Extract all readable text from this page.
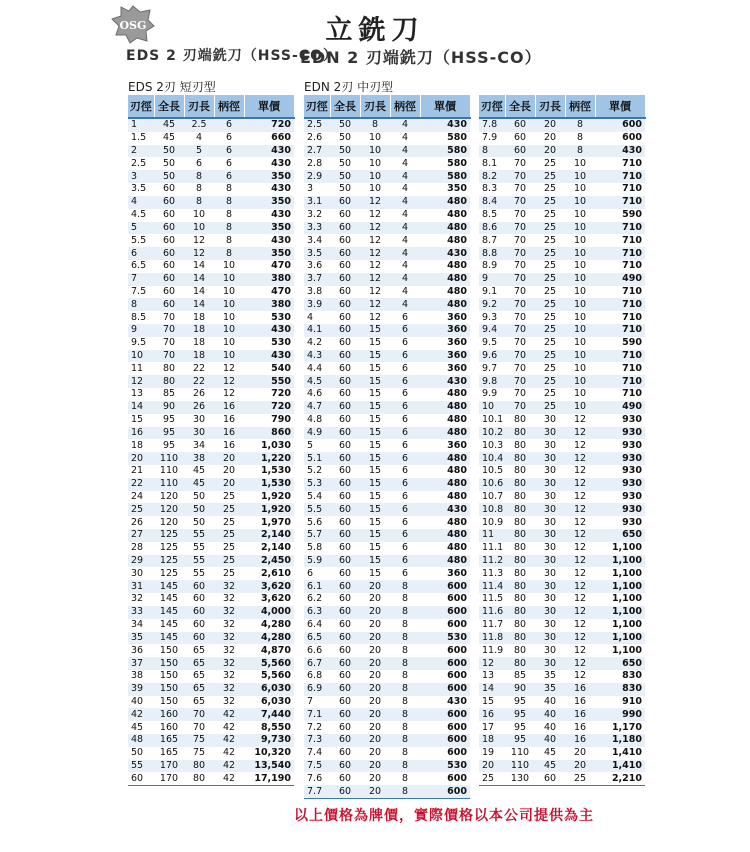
OSG	立銑刀
EDS 2 刃端銑刀（HSS-CO）
EDN 2 刃端銑刀（HSS-CO）
EDS 2刃 短刃型	EDN 2刃 中刃型
刃徑	全長	刃長	柄徑	單價
1	45	2.5	6	720
1.5	45	4	6	660
2	50	5	6	430
2.5	50	6	6	430
3	50	8	6	350
3.5	60	8	8	430
4	60	8	8	350
4.5	60	10	8	430
5	60	10	8	350
5.5	60	12	8	430
6	60	12	8	350
6.5	60	14	10	470
7	60	14	10	380
7.5	60	14	10	470
8	60	14	10	380
8.5	70	18	10	530
9	70	18	10	430
9.5	70	18	10	530
10	70	18	10	430
11	80	22	12	540
12	80	22	12	550
13	85	26	12	720
14	90	26	16	720
15	95	30	16	790
16	95	30	16	860
18	95	34	16	1,030
20	110	38	20	1,220
21	110	45	20	1,530
22	110	45	20	1,530
24	120	50	25	1,920
25	120	50	25	1,920
26	120	50	25	1,970
27	125	55	25	2,140
28	125	55	25	2,140
29	125	55	25	2,450
30	125	55	25	2,610
31	145	60	32	3,620
32	145	60	32	3,620
33	145	60	32	4,000
34	145	60	32	4,280
35	145	60	32	4,280
36	150	65	32	4,870
37	150	65	32	5,560
38	150	65	32	5,560
39	150	65	32	6,030
40	150	65	32	6,030
42	160	70	42	7,440
45	160	70	42	8,550
48	165	75	42	9,730
50	165	75	42	10,320
55	170	80	42	13,540
60	170	80	42	17,190
刃徑	全長	刃長	柄徑	單價
2.5	50	8	4	430
2.6	50	10	4	580
2.7	50	10	4	580
2.8	50	10	4	580
2.9	50	10	4	580
3	50	10	4	350
3.1	60	12	4	480
3.2	60	12	4	480
3.3	60	12	4	480
3.4	60	12	4	480
3.5	60	12	4	430
3.6	60	12	4	480
3.7	60	12	4	480
3.8	60	12	4	480
3.9	60	12	4	480
4	60	12	6	360
4.1	60	15	6	360
4.2	60	15	6	360
4.3	60	15	6	360
4.4	60	15	6	360
4.5	60	15	6	430
4.6	60	15	6	480
4.7	60	15	6	480
4.8	60	15	6	480
4.9	60	15	6	480
5	60	15	6	360
5.1	60	15	6	480
5.2	60	15	6	480
5.3	60	15	6	480
5.4	60	15	6	480
5.5	60	15	6	430
5.6	60	15	6	480
5.7	60	15	6	480
5.8	60	15	6	480
5.9	60	15	6	480
6	60	15	6	360
6.1	60	20	8	600
6.2	60	20	8	600
6.3	60	20	8	600
6.4	60	20	8	600
6.5	60	20	8	530
6.6	60	20	8	600
6.7	60	20	8	600
6.8	60	20	8	600
6.9	60	20	8	600
7	60	20	8	430
7.1	60	20	8	600
7.2	60	20	8	600
7.3	60	20	8	600
7.4	60	20	8	600
7.5	60	20	8	530
7.6	60	20	8	600
7.7	60	20	8	600
刃徑	全長	刃長	柄徑	單價
7.8	60	20	8	600
7.9	60	20	8	600
8	60	20	8	430
8.1	70	25	10	710
8.2	70	25	10	710
8.3	70	25	10	710
8.4	70	25	10	710
8.5	70	25	10	590
8.6	70	25	10	710
8.7	70	25	10	710
8.8	70	25	10	710
8.9	70	25	10	710
9	70	25	10	490
9.1	70	25	10	710
9.2	70	25	10	710
9.3	70	25	10	710
9.4	70	25	10	710
9.5	70	25	10	590
9.6	70	25	10	710
9.7	70	25	10	710
9.8	70	25	10	710
9.9	70	25	10	710
10	70	25	10	490
10.1	80	30	12	930
10.2	80	30	12	930
10.3	80	30	12	930
10.4	80	30	12	930
10.5	80	30	12	930
10.6	80	30	12	930
10.7	80	30	12	930
10.8	80	30	12	930
10.9	80	30	12	930
11	80	30	12	650
11.1	80	30	12	1,100
11.2	80	30	12	1,100
11.3	80	30	12	1,100
11.4	80	30	12	1,100
11.5	80	30	12	1,100
11.6	80	30	12	1,100
11.7	80	30	12	1,100
11.8	80	30	12	1,100
11.9	80	30	12	1,100
12	80	30	12	650
13	85	35	12	830
14	90	35	16	830
15	95	40	16	910
16	95	40	16	990
17	95	40	16	1,170
18	95	40	16	1,180
19	110	45	20	1,410
20	110	45	20	1,410
25	130	60	25	2,210
以上價格為牌價，實際價格以本公司提供為主
